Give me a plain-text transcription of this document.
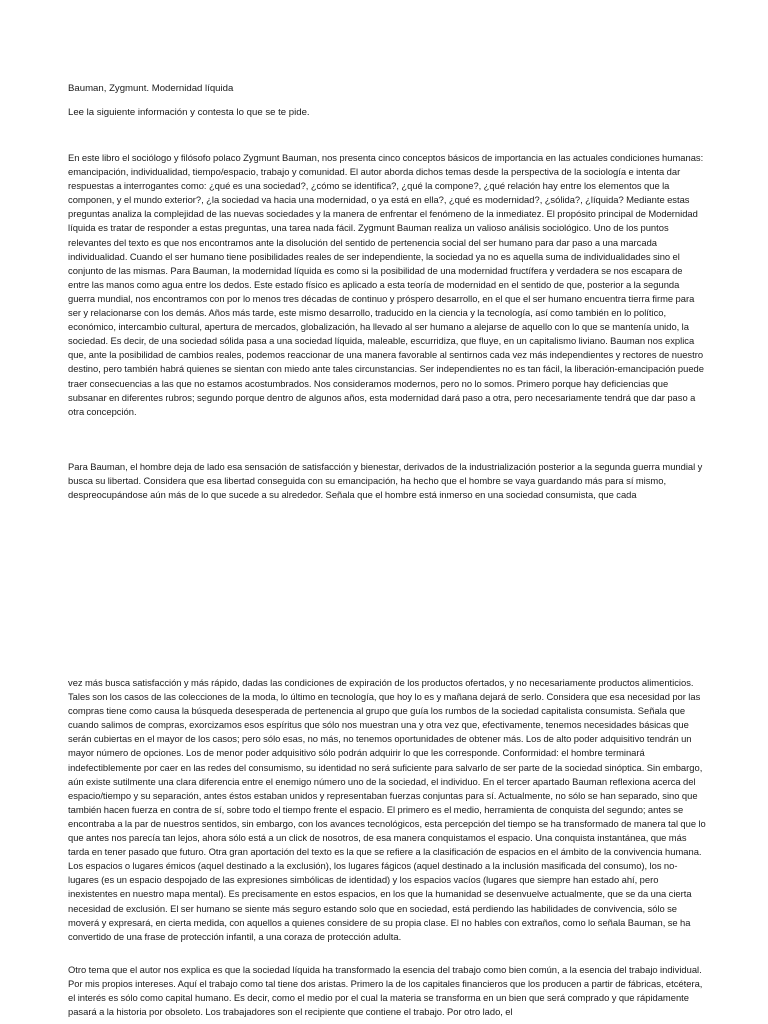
Bauman, Zygmunt. Modernidad líquida

Lee la siguiente información y contesta lo que se te pide.

En este libro el sociólogo y filósofo polaco Zygmunt Bauman, nos presenta cinco conceptos básicos de importancia en las actuales condiciones humanas: emancipación, individualidad, tiempo/espacio, trabajo y comunidad. El autor aborda dichos temas desde la perspectiva de la sociología e intenta dar respuestas a interrogantes como: ¿qué es una sociedad?, ¿cómo se identifica?, ¿qué la compone?, ¿qué relación hay entre los elementos que la componen, y el mundo exterior?, ¿la sociedad va hacia una modernidad, o ya está en ella?, ¿qué es modernidad?, ¿sólida?, ¿líquida? Mediante estas preguntas analiza la complejidad de las nuevas sociedades y la manera de enfrentar el fenómeno de la inmediatez. El propósito principal de Modernidad líquida es tratar de responder a estas preguntas, una tarea nada fácil. Zygmunt Bauman realiza un valioso análisis sociológico. Uno de los puntos relevantes del texto es que nos encontramos ante la disolución del sentido de pertenencia social del ser humano para dar paso a una marcada individualidad. Cuando el ser humano tiene posibilidades reales de ser independiente, la sociedad ya no es aquella suma de individualidades sino el conjunto de las mismas. Para Bauman, la modernidad líquida es como si la posibilidad de una modernidad fructífera y verdadera se nos escapara de entre las manos como agua entre los dedos. Este estado físico es aplicado a esta teoría de modernidad en el sentido de que, posterior a la segunda guerra mundial, nos encontramos con por lo menos tres décadas de continuo y próspero desarrollo, en el que el ser humano encuentra tierra firme para ser y relacionarse con los demás. Años más tarde, este mismo desarrollo, traducido en la ciencia y la tecnología, así como también en lo político, económico, intercambio cultural, apertura de mercados, globalización, ha llevado al ser humano a alejarse de aquello con lo que se mantenía unido, la sociedad. Es decir, de una sociedad sólida pasa a una sociedad líquida, maleable, escurridiza, que fluye, en un capitalismo liviano. Bauman nos explica que, ante la posibilidad de cambios reales, podemos reaccionar de una manera favorable al sentirnos cada vez más independientes y rectores de nuestro destino, pero también habrá quienes se sientan con miedo ante tales circunstancias. Ser independientes no es tan fácil, la liberación-emancipación puede traer consecuencias a las que no estamos acostumbrados. Nos consideramos modernos, pero no lo somos. Primero porque hay deficiencias que subsanar en diferentes rubros; segundo porque dentro de algunos años, esta modernidad dará paso a otra, pero necesariamente tendrá que dar paso a otra concepción.

Para Bauman, el hombre deja de lado esa sensación de satisfacción y bienestar, derivados de la industrialización posterior a la segunda guerra mundial y busca su libertad. Considera que esa libertad conseguida con su emancipación, ha hecho que el hombre se vaya guardando más para sí mismo, despreocupándose aún más de lo que sucede a su alrededor. Señala que el hombre está inmerso en una sociedad consumista, que cada

vez más busca satisfacción y más rápido, dadas las condiciones de expiración de los productos ofertados, y no necesariamente productos alimenticios. Tales son los casos de las colecciones de la moda, lo último en tecnología, que hoy lo es y mañana dejará de serlo. Considera que esa necesidad por las compras tiene como causa la búsqueda desesperada de pertenencia al grupo que guía los rumbos de la sociedad capitalista consumista. Señala que cuando salimos de compras, exorcizamos esos espíritus que sólo nos muestran una y otra vez que, efectivamente, tenemos necesidades básicas que serán cubiertas en el mayor de los casos; pero sólo esas, no más, no tenemos oportunidades de obtener más. Los de alto poder adquisitivo tendrán un mayor número de opciones. Los de menor poder adquisitivo sólo podrán adquirir lo que les corresponde. Conformidad: el hombre terminará indefectiblemente por caer en las redes del consumismo, su identidad no será suficiente para salvarlo de ser parte de la sociedad sinóptica. Sin embargo, aún existe sutilmente una clara diferencia entre el enemigo número uno de la sociedad, el individuo. En el tercer apartado Bauman reflexiona acerca del espacio/tiempo y su separación, antes éstos estaban unidos y representaban fuerzas conjuntas para sí. Actualmente, no sólo se han separado, sino que también hacen fuerza en contra de sí, sobre todo el tiempo frente el espacio. El primero es el medio, herramienta de conquista del segundo; antes se encontraba a la par de nuestros sentidos, sin embargo, con los avances tecnológicos, esta percepción del tiempo se ha transformado de manera tal que lo que antes nos parecía tan lejos, ahora sólo está a un click de nosotros, de esa manera conquistamos el espacio. Una conquista instantánea, que más tarda en tener pasado que futuro. Otra gran aportación del texto es la que se refiere a la clasificación de espacios en el ámbito de la convivencia humana. Los espacios o lugares émicos (aquel destinado a la exclusión), los lugares fágicos (aquel destinado a la inclusión masificada del consumo), los no-lugares (es un espacio despojado de las expresiones simbólicas de identidad) y los espacios vacíos (lugares que siempre han estado ahí, pero inexistentes en nuestro mapa mental). Es precisamente en estos espacios, en los que la humanidad se desenvuelve actualmente, que se da una cierta necesidad de exclusión. El ser humano se siente más seguro estando solo que en sociedad, está perdiendo las habilidades de convivencia, sólo se moverá y expresará, en cierta medida, con aquellos a quienes considere de su propia clase. El no hables con extraños, como lo señala Bauman, se ha convertido de una frase de protección infantil, a una coraza de protección adulta.

Otro tema que el autor nos explica es que la sociedad líquida ha transformado la esencia del trabajo como bien común, a la esencia del trabajo individual. Por mis propios intereses. Aquí el trabajo como tal tiene dos aristas. Primero la de los capitales financieros que los producen a partir de fábricas, etcétera, el interés es sólo como capital humano. Es decir, como el medio por el cual la materia se transforma en un bien que será comprado y que rápidamente pasará a la historia por obsoleto. Los trabajadores son el recipiente que contiene el trabajo. Por otro lado, el
